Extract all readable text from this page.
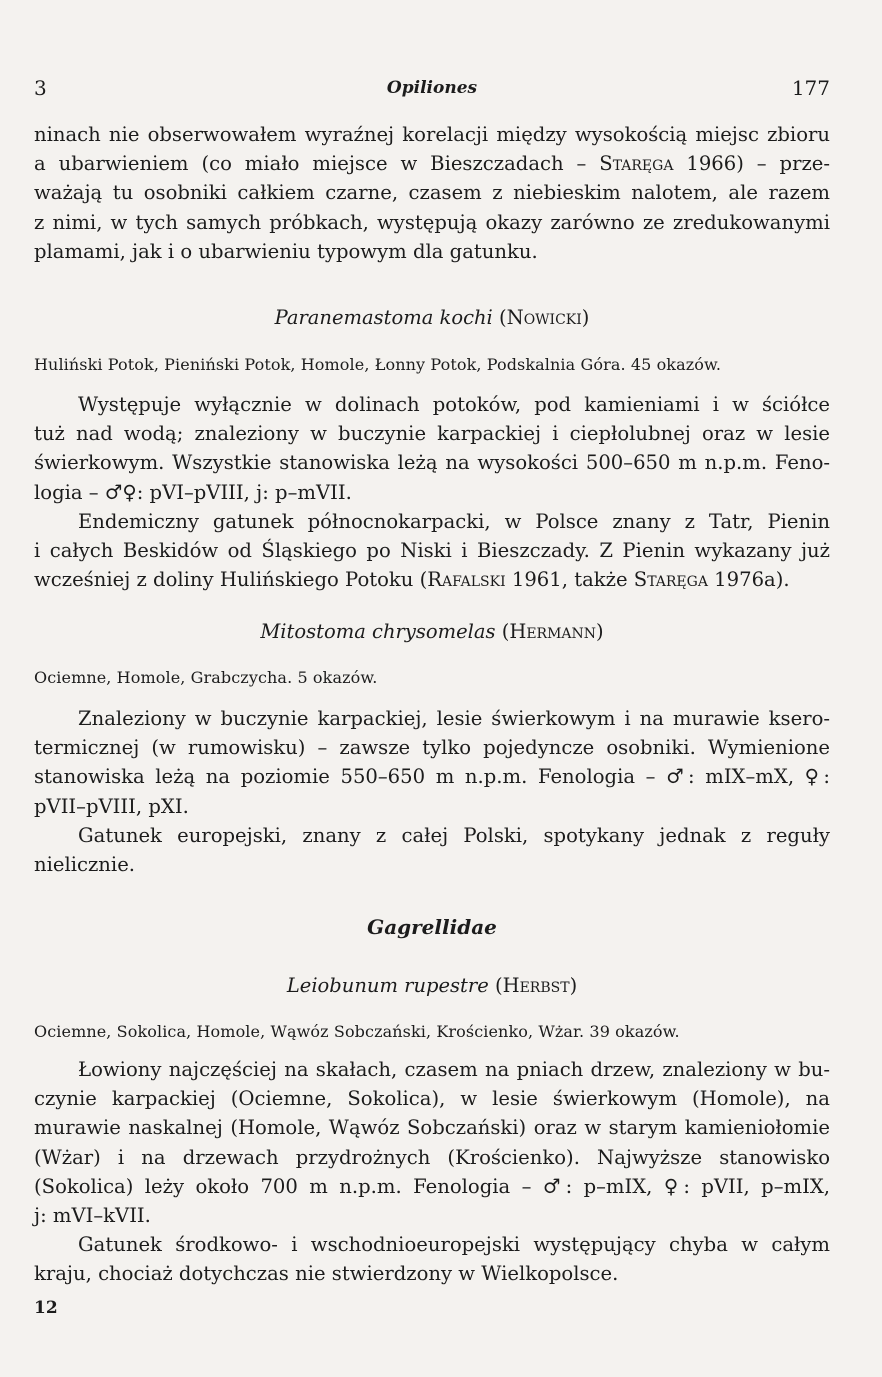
3	Opiliones	177

ninach nie obserwowałem wyraźnej korelacji między wysokością miejsc zbioru
a ubarwieniem (co miało miejsce w Bieszczadach – Staręga 1966) – prze-
ważają tu osobniki całkiem czarne, czasem z niebieskim nalotem, ale razem
z nimi, w tych samych próbkach, występują okazy zarówno ze zredukowanymi
plamami, jak i o ubarwieniu typowym dla gatunku.

Paranemastoma kochi (Nowicki)

Huliński Potok, Pieniński Potok, Homole, Łonny Potok, Podskalnia Góra. 45 okazów.

Występuje wyłącznie w dolinach potoków, pod kamieniami i w ściółce
tuż nad wodą; znaleziony w buczynie karpackiej i ciepłolubnej oraz w lesie
świerkowym. Wszystkie stanowiska leżą na wysokości 500–650 m n.p.m. Feno-
logia – ♂♀: pVI–pVIII, j: p–mVII.

Endemiczny gatunek północnokarpacki, w Polsce znany z Tatr, Pienin
i całych Beskidów od Śląskiego po Niski i Bieszczady. Z Pienin wykazany już
wcześniej z doliny Hulińskiego Potoku (Rafalski 1961, także Staręga 1976a).

Mitostoma chrysomelas (Hermann)

Ociemne, Homole, Grabczycha. 5 okazów.

Znaleziony w buczynie karpackiej, lesie świerkowym i na murawie ksero-
termicznej (w rumowisku) – zawsze tylko pojedyncze osobniki. Wymienione
stanowiska leżą na poziomie 550–650 m n.p.m. Fenologia – ♂: mIX–mX, ♀:
pVII–pVIII, pXI.

Gatunek europejski, znany z całej Polski, spotykany jednak z reguły
nielicznie.

Gagrellidae

Leiobunum rupestre (Herbst)

Ociemne, Sokolica, Homole, Wąwóz Sobczański, Krościenko, Wżar. 39 okazów.

Łowiony najczęściej na skałach, czasem na pniach drzew, znaleziony w bu-
czynie karpackiej (Ociemne, Sokolica), w lesie świerkowym (Homole), na
murawie naskalnej (Homole, Wąwóz Sobczański) oraz w starym kamieniołomie
(Wżar) i na drzewach przydrożnych (Krościenko). Najwyższe stanowisko
(Sokolica) leży około 700 m n.p.m. Fenologia – ♂: p–mIX, ♀: pVII, p–mIX,
j: mVI–kVII.

Gatunek środkowo- i wschodnioeuropejski występujący chyba w całym
kraju, chociaż dotychczas nie stwierdzony w Wielkopolsce.

12
